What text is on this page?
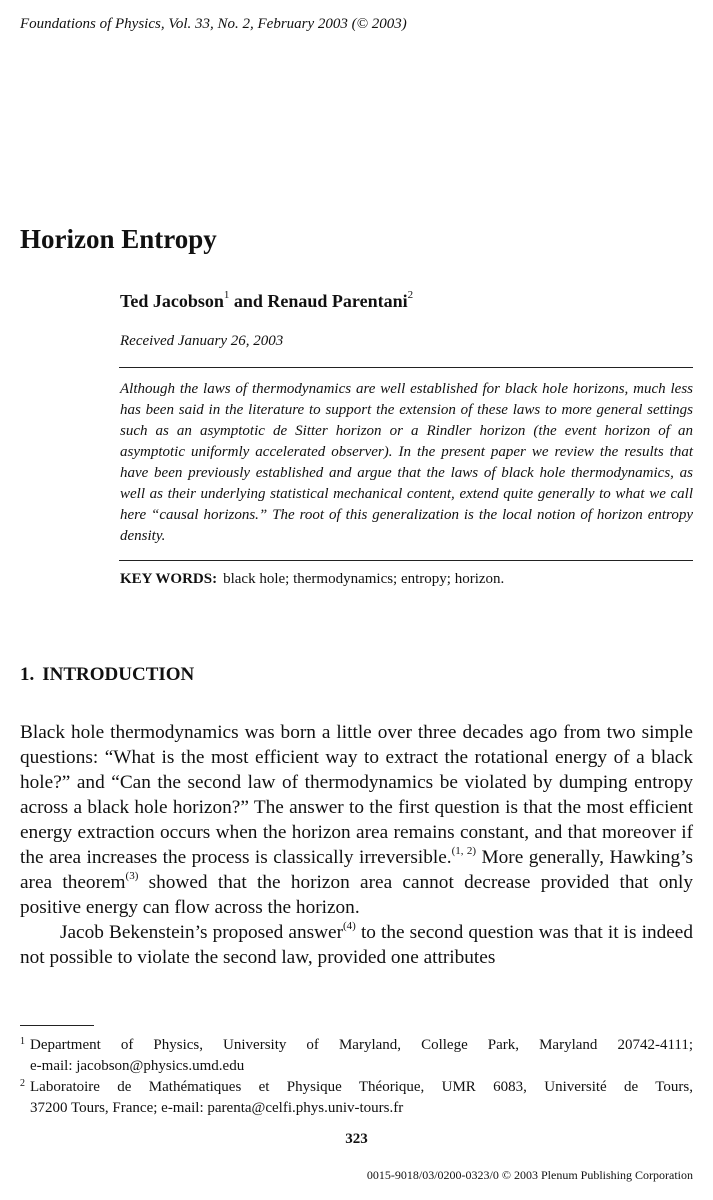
Foundations of Physics, Vol. 33, No. 2, February 2003 (© 2003)
Horizon Entropy
Ted Jacobson$^1$ and Renaud Parentani$^2$
Received January 26, 2003
Although the laws of thermodynamics are well established for black hole horizons, much less has been said in the literature to support the extension of these laws to more general settings such as an asymptotic de Sitter horizon or a Rindler horizon (the event horizon of an asymptotic uniformly accelerated observer). In the present paper we review the results that have been previously established and argue that the laws of black hole thermodynamics, as well as their underlying statistical mechanical content, extend quite generally to what we call here “causal horizons.” The root of this generalization is the local notion of horizon entropy density.
KEY WORDS: black hole; thermodynamics; entropy; horizon.
1. INTRODUCTION

Black hole thermodynamics was born a little over three decades ago from two simple questions: “What is the most efficient way to extract the rotational energy of a black hole?” and “Can the second law of thermodynamics be violated by dumping entropy across a black hole horizon?” The answer to the first question is that the most efficient energy extraction occurs when the horizon area remains constant, and that moreover if the area increases the process is classically irreversible.$^{(1, 2)}$ More generally, Hawking’s area theorem$^{(3)}$ showed that the horizon area cannot decrease provided that only positive energy can flow across the horizon.

Jacob Bekenstein’s proposed answer$^{(4)}$ to the second question was that it is indeed not possible to violate the second law, provided one attributes

1 Department of Physics, University of Maryland, College Park, Maryland 20742-4111;
e-mail: jacobson@physics.umd.edu
2 Laboratoire de Mathématiques et Physique Théorique, UMR 6083, Université de Tours,
37200 Tours, France; e-mail: parenta@celfi.phys.univ-tours.fr
323
0015-9018/03/0200-0323/0 © 2003 Plenum Publishing Corporation
